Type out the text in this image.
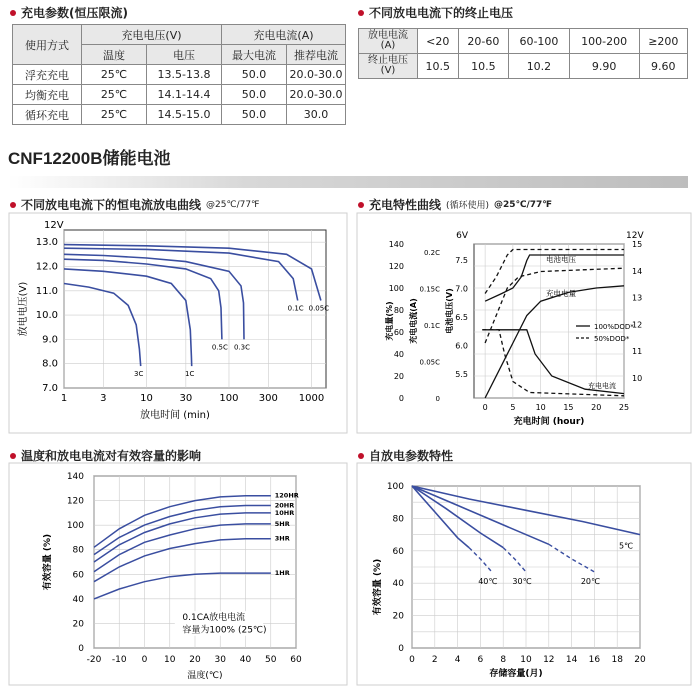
充电参数(恒压限流)
使用方式	充电电压(V)		充电电流(A)	
	温度	电压	最大电流	推荐电流
浮充充电	25℃	13.5-13.8	50.0	20.0-30.0
均衡充电	25℃	14.1-14.4	50.0	20.0-30.0
循环充电	25℃	14.5-15.0	50.0	30.0
不同放电电流下的终止电压
放电电流
(A)	<20	20-60	60-100	100-200	≥200
终止电压
(V)	10.5	10.5	10.2	9.90	9.60
CNF12200B储能电池
不同放电电流下的恒电流放电曲线 @25℃/77℉
7.0
8.0
9.0
10.0
11.0
12.0
13.0
1	3	10	30	100 300 1000
12V
放电时间 (min)
放电电压(V)
3C	1C
0.5C 0.3C
0.1C 0.05C
充电特性曲线 (循环使用) @25℃/77℉
0	5	10 15 20 25
0
20
40
60
80
100
120
140
0.2C
0.15C
0.1C
0.05C
0
7.5
7.0
6.5
6.0
5.5
6V
15
14
13
12
11
10
12V
充电时间 (hour)
充电量(%) 充电电流(A)	电池电压(V)
电池电压
充电电量
充电电流
100%DOD*
50%DOD*
温度和放电电流对有效容量的影响
-20 -10 0 10 20 30 40 50 60
0
20
40
60
80
100
120
140
温度(℃)
有效容量 (%)
120HR
20HR
10HR
5HR
3HR
1HR
0.1CA放电电流
容量为100% (25℃)
自放电参数特性
0 2 4 6 8 10 12 14 16 18 20
0
20
40
60
80
100
存储容量(月)
有效容量 (%)	40℃ 30℃	20℃
5℃
